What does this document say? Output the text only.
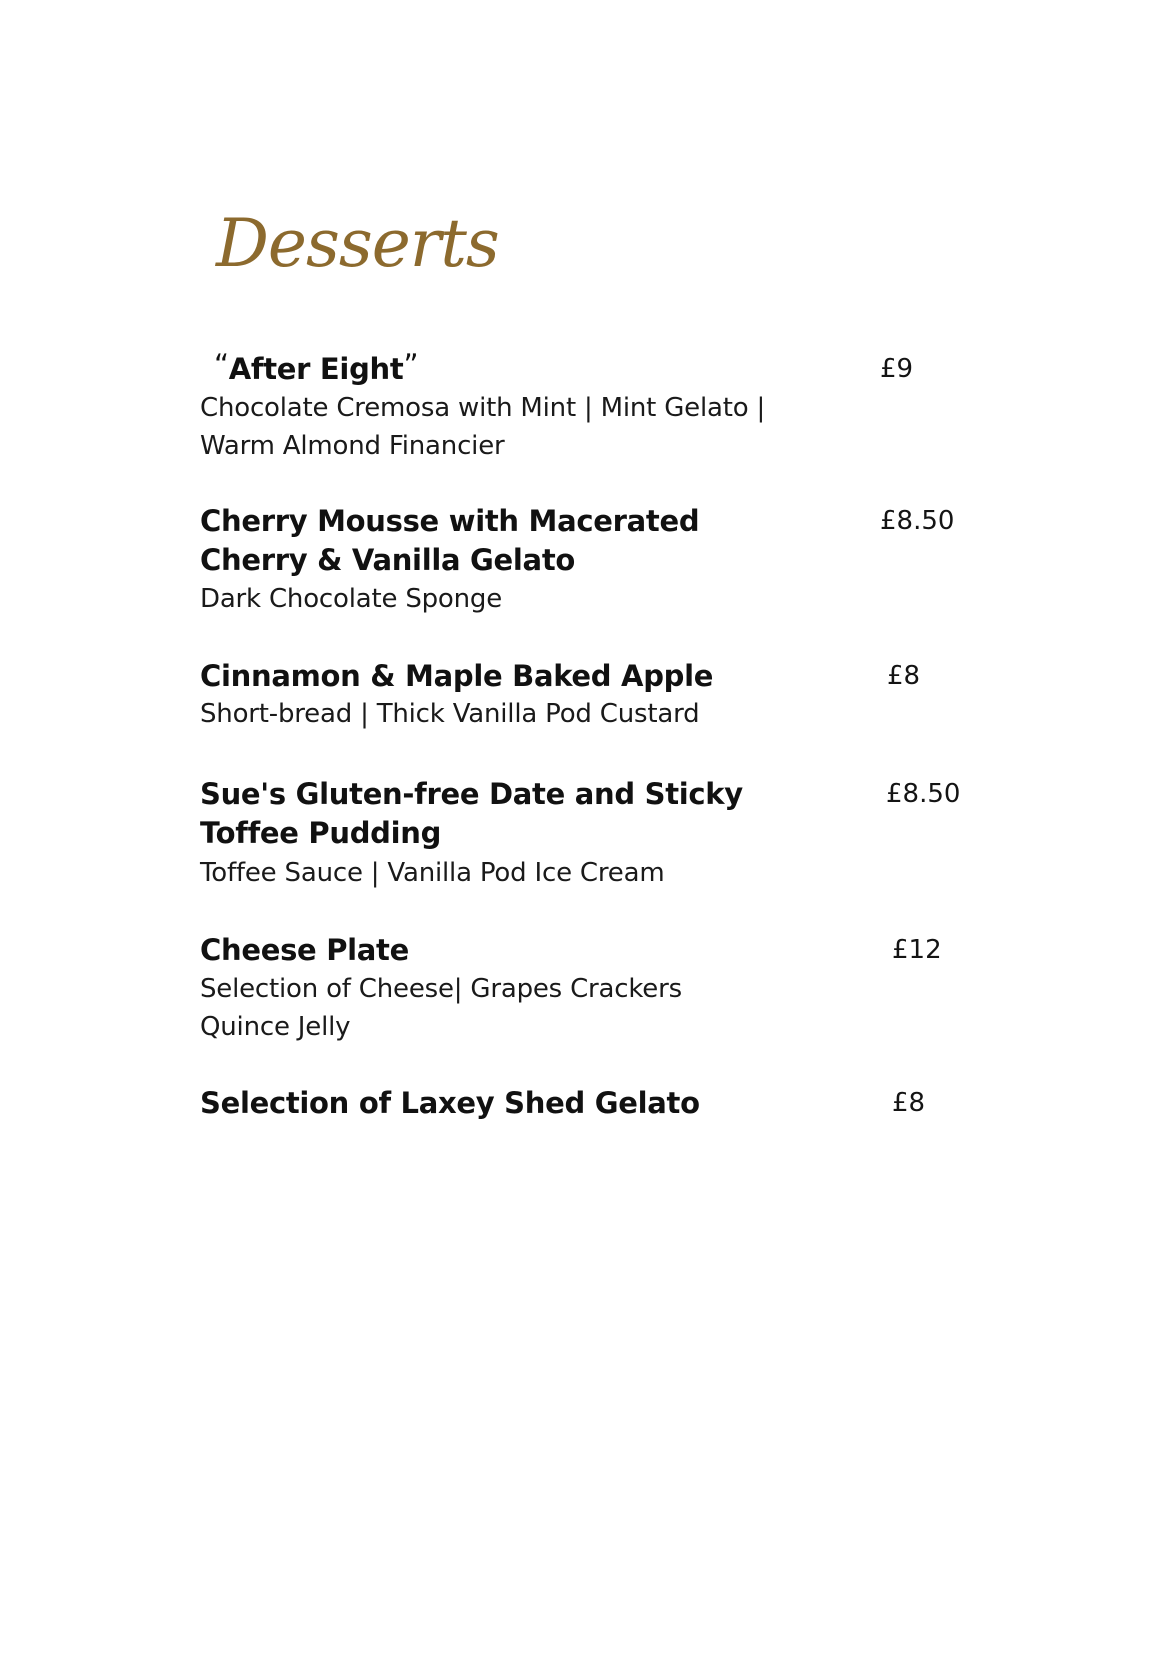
Desserts
“After Eight”	£9

Chocolate Cremosa with Mint | Mint Gelato | Warm Almond Financier

Cherry Mousse with Macerated Cherry & Vanilla Gelato
£8.50

Dark Chocolate Sponge

Cinnamon & Maple Baked Apple	£8

Short-bread | Thick Vanilla Pod Custard

Sue's Gluten-free Date and Sticky Toffee Pudding
£8.50

Toffee Sauce | Vanilla Pod Ice Cream

Cheese Plate	£12

Selection of Cheese| Grapes Crackers Quince Jelly

Selection of Laxey Shed Gelato	£8
